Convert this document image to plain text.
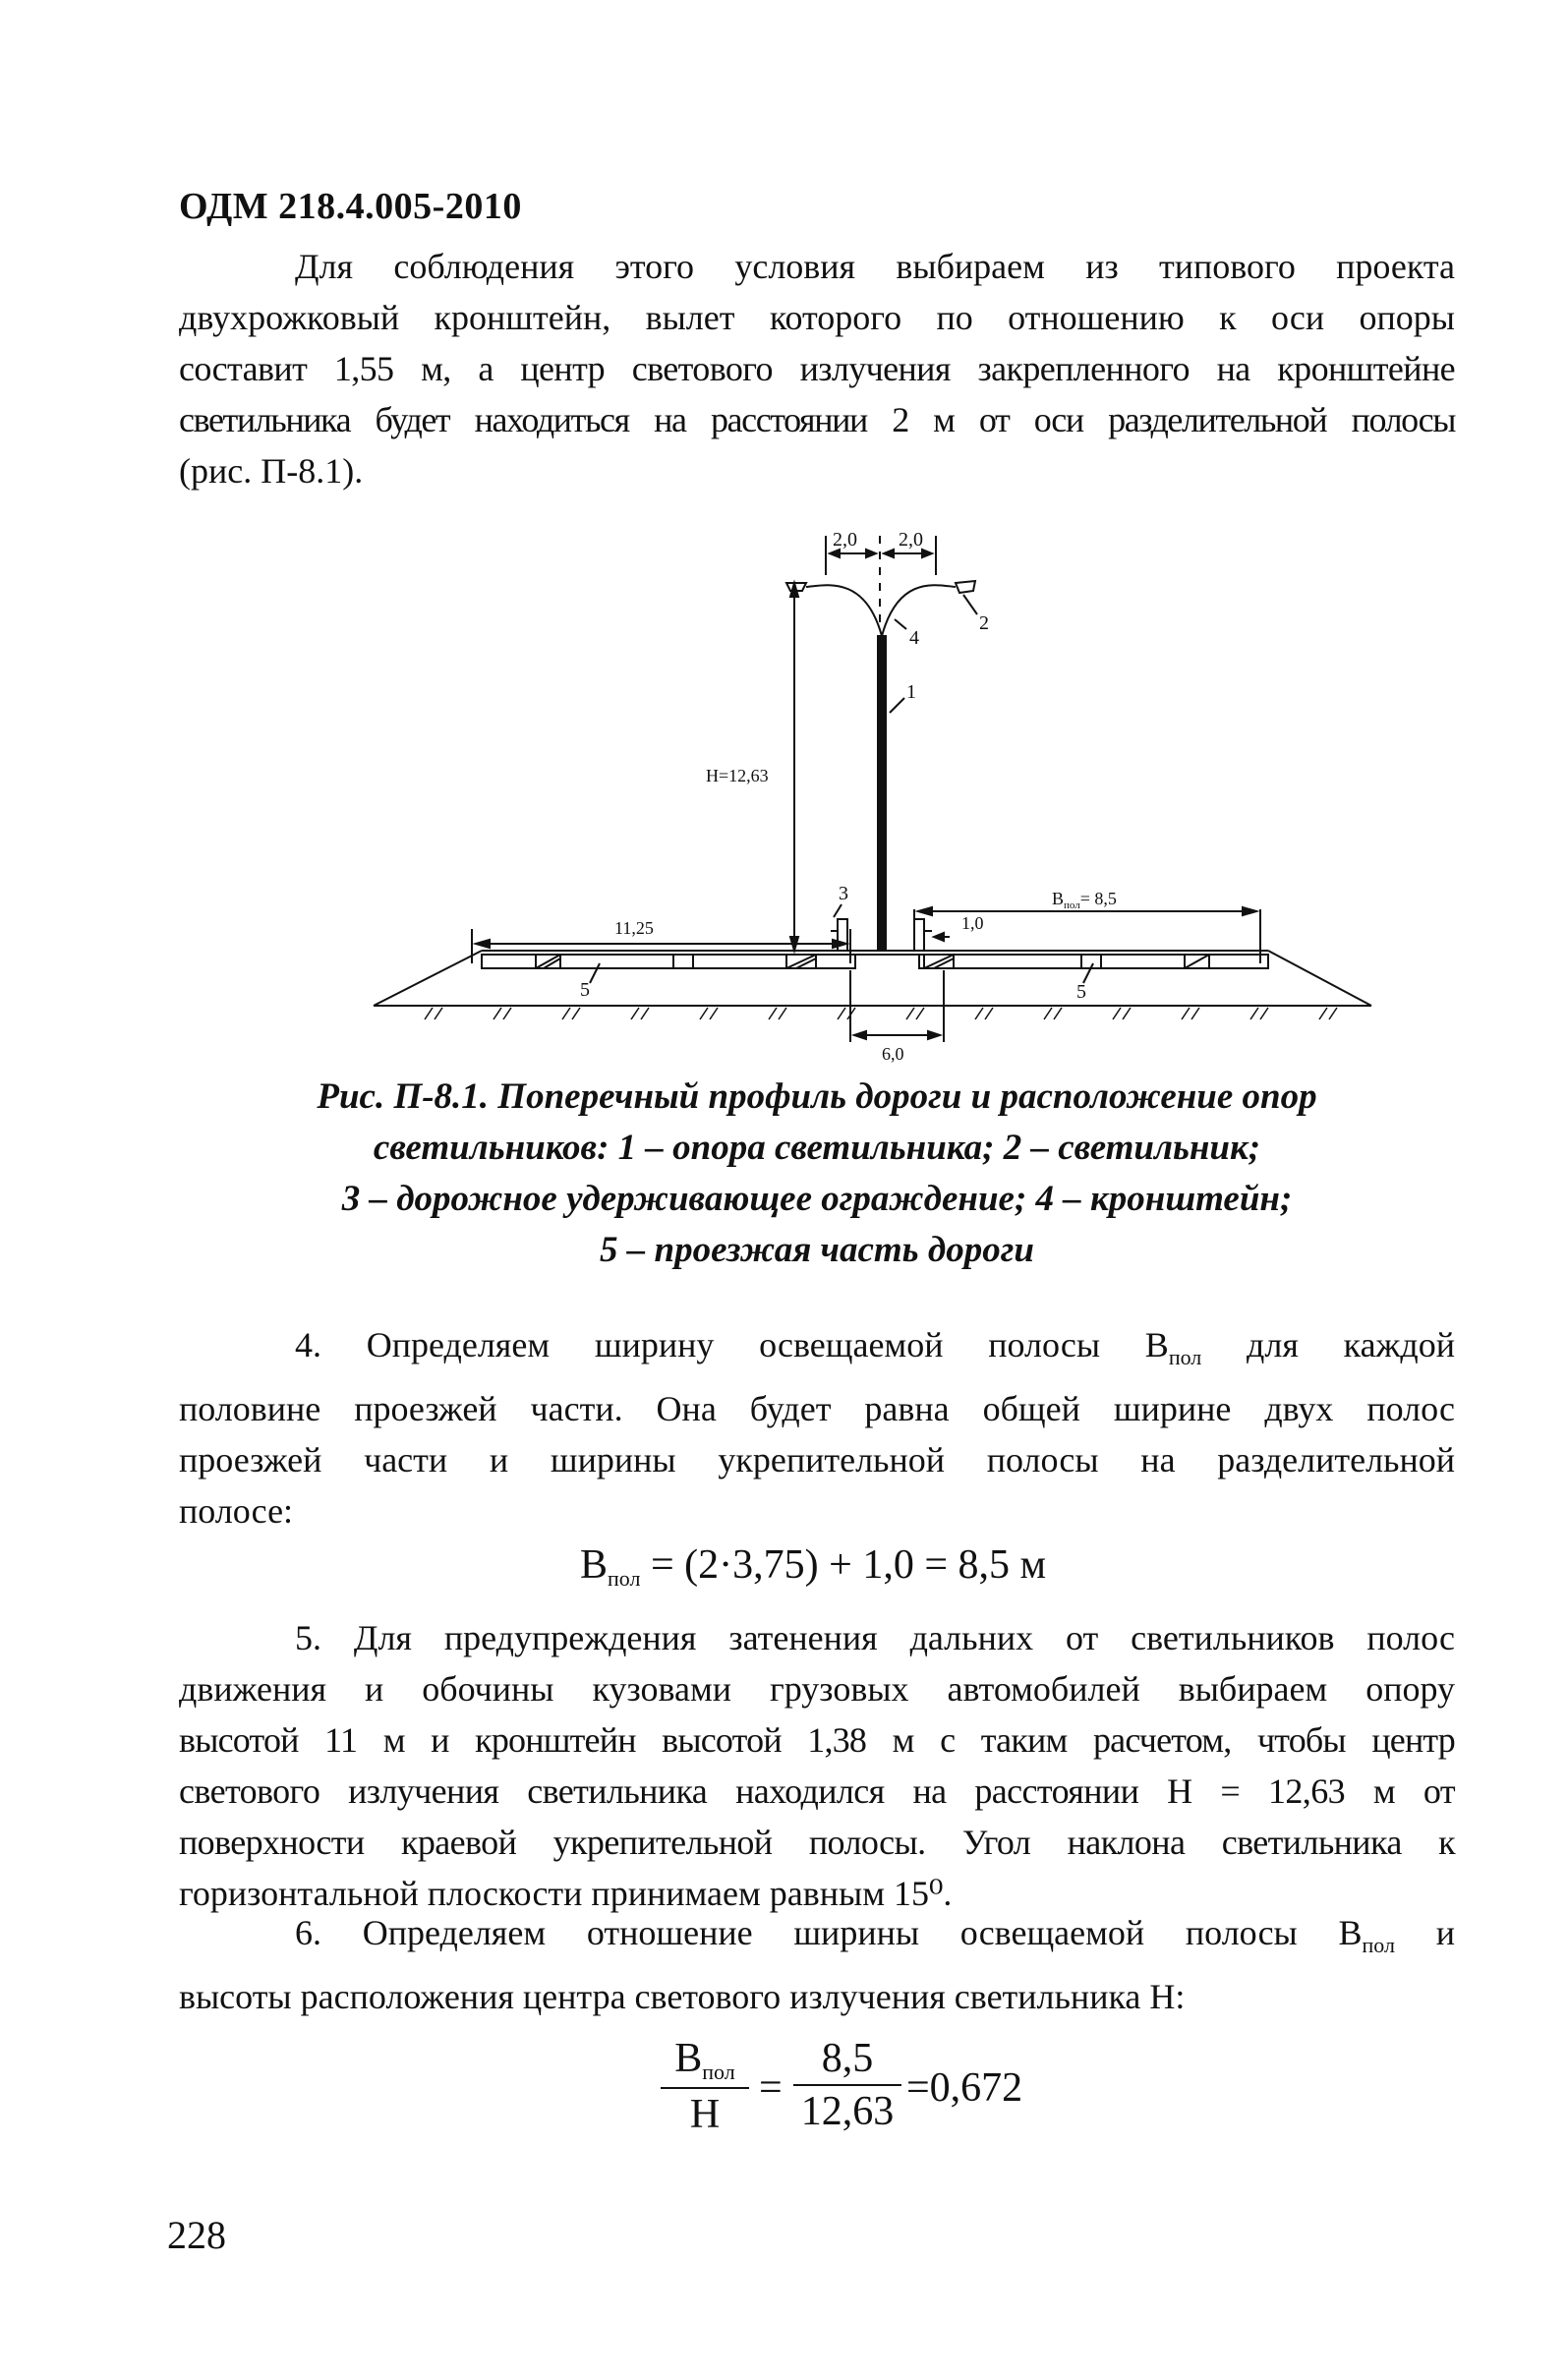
ОДМ 218.4.005-2010
Для соблюдения этого условия выбираем из типового проекта
двухрожковый кронштейн, вылет которого по отношению к оси опоры
составит 1,55 м, а центр светового излучения закрепленного на кронштейне
светильника будет находиться на расстоянии 2 м от оси разделительной полосы
(рис. П-8.1).
2,0 2,0
H=12,63
11,25
$B_{пол}= 8,5$
1,0
6,0
1
2
3
4
5	5
Рис. П-8.1. Поперечный профиль дороги и расположение опор
светильников: 1 – опора светильника; 2 – светильник;
3 – дорожное удерживающее ограждение; 4 – кронштейн;
5 – проезжая часть дороги
4. Определяем ширину освещаемой полосы $В_{пол}$ для каждой
половине проезжей части. Она будет равна общей ширине двух полос
проезжей части и ширины укрепительной полосы на разделительной
полосе:
$В_{пол} = (2\cdot 3,75) + 1,0 = 8,5$ м
5. Для предупреждения затенения дальних от светильников полос
движения и обочины кузовами грузовых автомобилей выбираем опору
высотой 11 м и кронштейн высотой 1,38 м с таким расчетом, чтобы центр
светового излучения светильника находился на расстоянии Н = 12,63 м от
поверхности краевой укрепительной полосы. Угол наклона светильника к
горизонтальной плоскости принимаем равным 15⁰.
6. Определяем отношение ширины освещаемой полосы $В_{пол}$ и
высоты расположения центра светового излучения светильника Н:
$В_{пол}$
Н
=
8,5
12,63
=0,672
228
